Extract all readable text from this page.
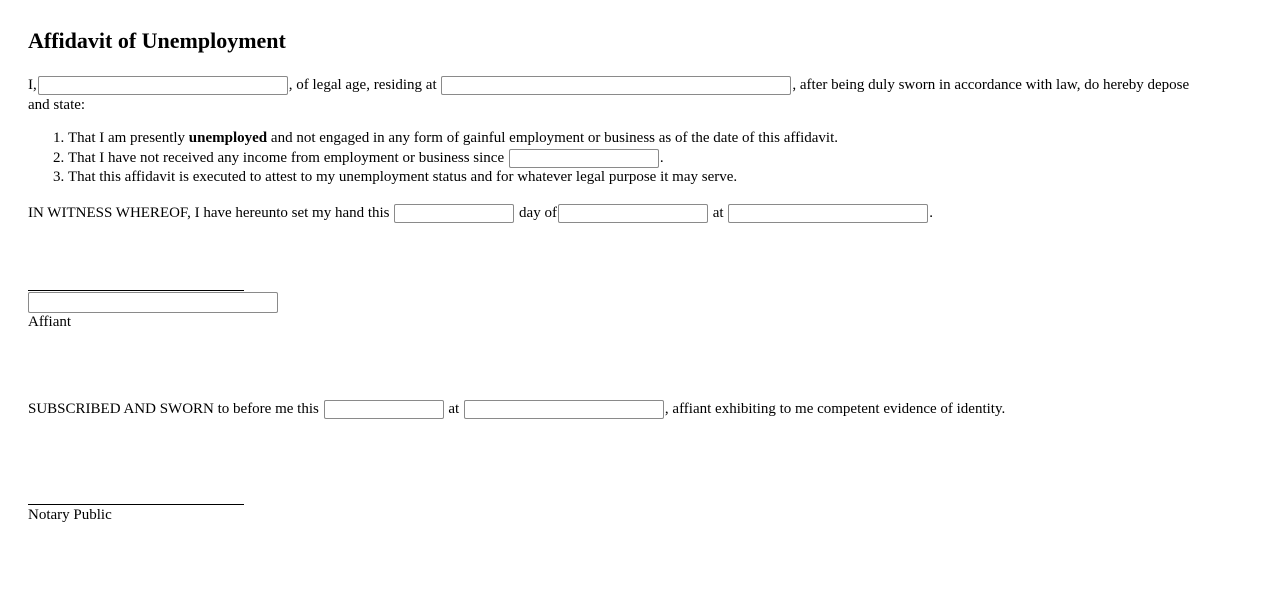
Affidavit of Unemployment
I,	, of legal age, residing at	, after being duly sworn in accordance with law, do hereby depose
and state:
1. That I am presently unemployed and not engaged in any form of gainful employment or business as of the date of this affidavit.
2. That I have not received any income from employment or business since	.
3. That this affidavit is executed to attest to my unemployment status and for whatever legal purpose it may serve.
IN WITNESS WHEREOF, I have hereunto set my hand this	day of	at	.
Affiant
SUBSCRIBED AND SWORN to before me this	at	, affiant exhibiting to me competent evidence of identity.
Notary Public
